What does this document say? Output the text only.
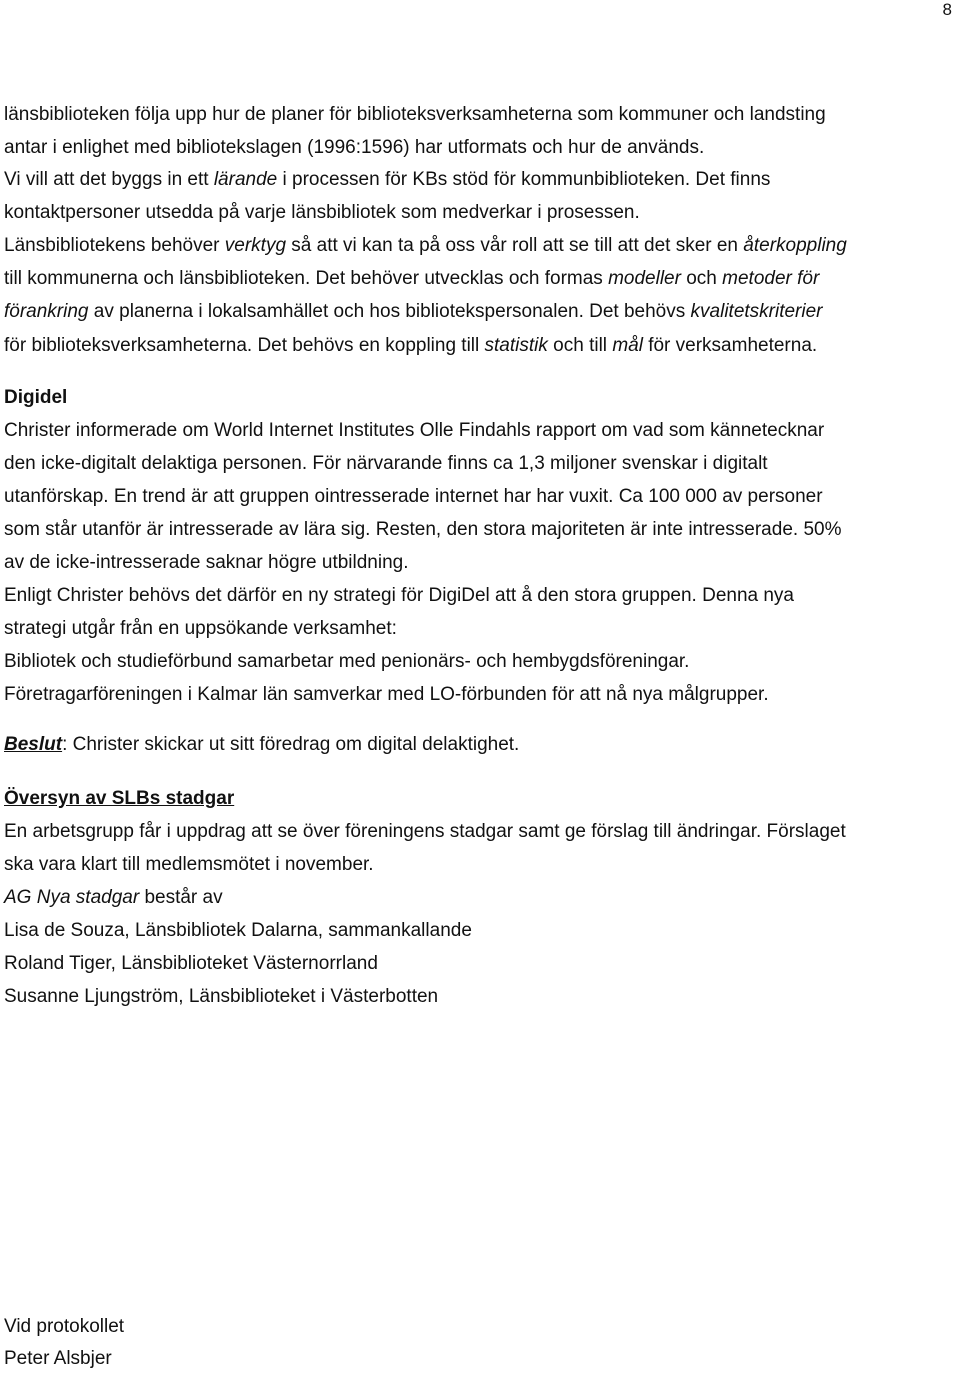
8
länsbiblioteken följa upp hur de planer för biblioteksverksamheterna som kommuner och landsting
antar i enlighet med bibliotekslagen (1996:1596) har utformats och hur de används.
Vi vill att det byggs in ett lärande i processen för KBs stöd för kommunbiblioteken. Det finns
kontaktpersoner utsedda på varje länsbibliotek som medverkar i prosessen.
Länsbibliotekens behöver verktyg så att vi kan ta på oss vår roll att se till att det sker en återkoppling
till kommunerna och länsbiblioteken. Det behöver utvecklas och formas modeller och metoder för
förankring av planerna i lokalsamhället och hos bibliotekspersonalen. Det behövs kvalitetskriterier
för biblioteksverksamheterna. Det behövs en koppling till statistik och till mål för verksamheterna.
Digidel
Christer informerade om World Internet Institutes Olle Findahls rapport om vad som kännetecknar
den icke-digitalt delaktiga personen. För närvarande finns ca 1,3 miljoner svenskar i digitalt
utanförskap. En trend är att gruppen ointresserade internet har har vuxit. Ca 100 000 av personer
som står utanför är intresserade av lära sig. Resten, den stora majoriteten är inte intresserade. 50%
av de icke-intresserade saknar högre utbildning.
Enligt Christer behövs det därför en ny strategi för DigiDel att å den stora gruppen. Denna nya
strategi utgår från en uppsökande verksamhet:
Bibliotek och studieförbund samarbetar med penionärs- och hembygdsföreningar.
Företragarföreningen i Kalmar län samverkar med LO-förbunden för att nå nya målgrupper.
Beslut: Christer skickar ut sitt föredrag om digital delaktighet.
Översyn av SLBs stadgar
En arbetsgrupp får i uppdrag att se över föreningens stadgar samt ge förslag till ändringar. Förslaget
ska vara klart till medlemsmötet i november.
AG Nya stadgar består av
Lisa de Souza, Länsbibliotek Dalarna, sammankallande
Roland Tiger, Länsbiblioteket Västernorrland
Susanne Ljungström, Länsbiblioteket i Västerbotten
Vid protokollet
Peter Alsbjer
